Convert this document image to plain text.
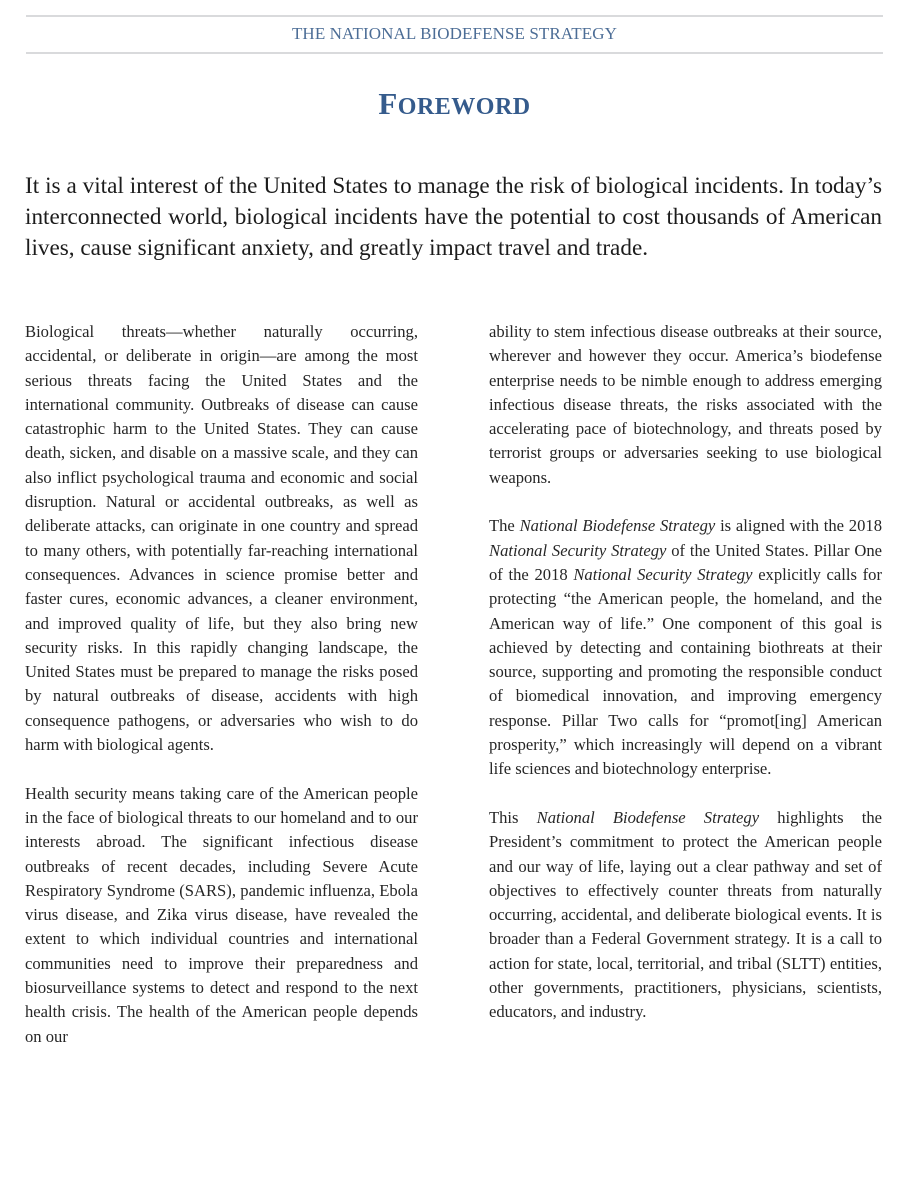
THE NATIONAL BIODEFENSE STRATEGY
FOREWORD
It is a vital interest of the United States to manage the risk of biological incidents. In today’s interconnected world, biological incidents have the potential to cost thousands of American lives, cause significant anxiety, and greatly impact travel and trade.

Biological threats—whether naturally occurring, accidental, or deliberate in origin—are among the most serious threats facing the United States and the international community. Outbreaks of disease can cause catastrophic harm to the United States. They can cause death, sicken, and disable on a massive scale, and they can also inflict psychological trauma and economic and social disruption. Natural or accidental outbreaks, as well as deliberate attacks, can originate in one country and spread to many others, with potentially far-reaching international consequences. Advances in science promise better and faster cures, economic advances, a cleaner environment, and improved quality of life, but they also bring new security risks. In this rapidly changing landscape, the United States must be prepared to manage the risks posed by natural outbreaks of disease, accidents with high consequence pathogens, or adversaries who wish to do harm with biological agents.

Health security means taking care of the American people in the face of biological threats to our homeland and to our interests abroad. The significant infectious disease outbreaks of recent decades, including Severe Acute Respiratory Syndrome (SARS), pandemic influenza, Ebola virus disease, and Zika virus disease, have revealed the extent to which individual countries and international communities need to improve their preparedness and biosurveillance systems to detect and respond to the next health crisis. The health of the American people depends on our

ability to stem infectious disease outbreaks at their source, wherever and however they occur. America’s biodefense enterprise needs to be nimble enough to address emerging infectious disease threats, the risks associated with the accelerating pace of biotechnology, and threats posed by terrorist groups or adversaries seeking to use biological weapons.

The National Biodefense Strategy is aligned with the 2018 National Security Strategy of the United States. Pillar One of the 2018 National Security Strategy explicitly calls for protecting “the American people, the homeland, and the American way of life.” One component of this goal is achieved by detecting and containing biothreats at their source, supporting and promoting the responsible conduct of biomedical innovation, and improving emergency response. Pillar Two calls for “promot[ing] American prosperity,” which increasingly will depend on a vibrant life sciences and biotechnology enterprise.

This National Biodefense Strategy highlights the President’s commitment to protect the American people and our way of life, laying out a clear pathway and set of objectives to effectively counter threats from naturally occurring, accidental, and deliberate biological events. It is broader than a Federal Government strategy. It is a call to action for state, local, territorial, and tribal (SLTT) entities, other governments, practitioners, physicians, scientists, educators, and industry.
